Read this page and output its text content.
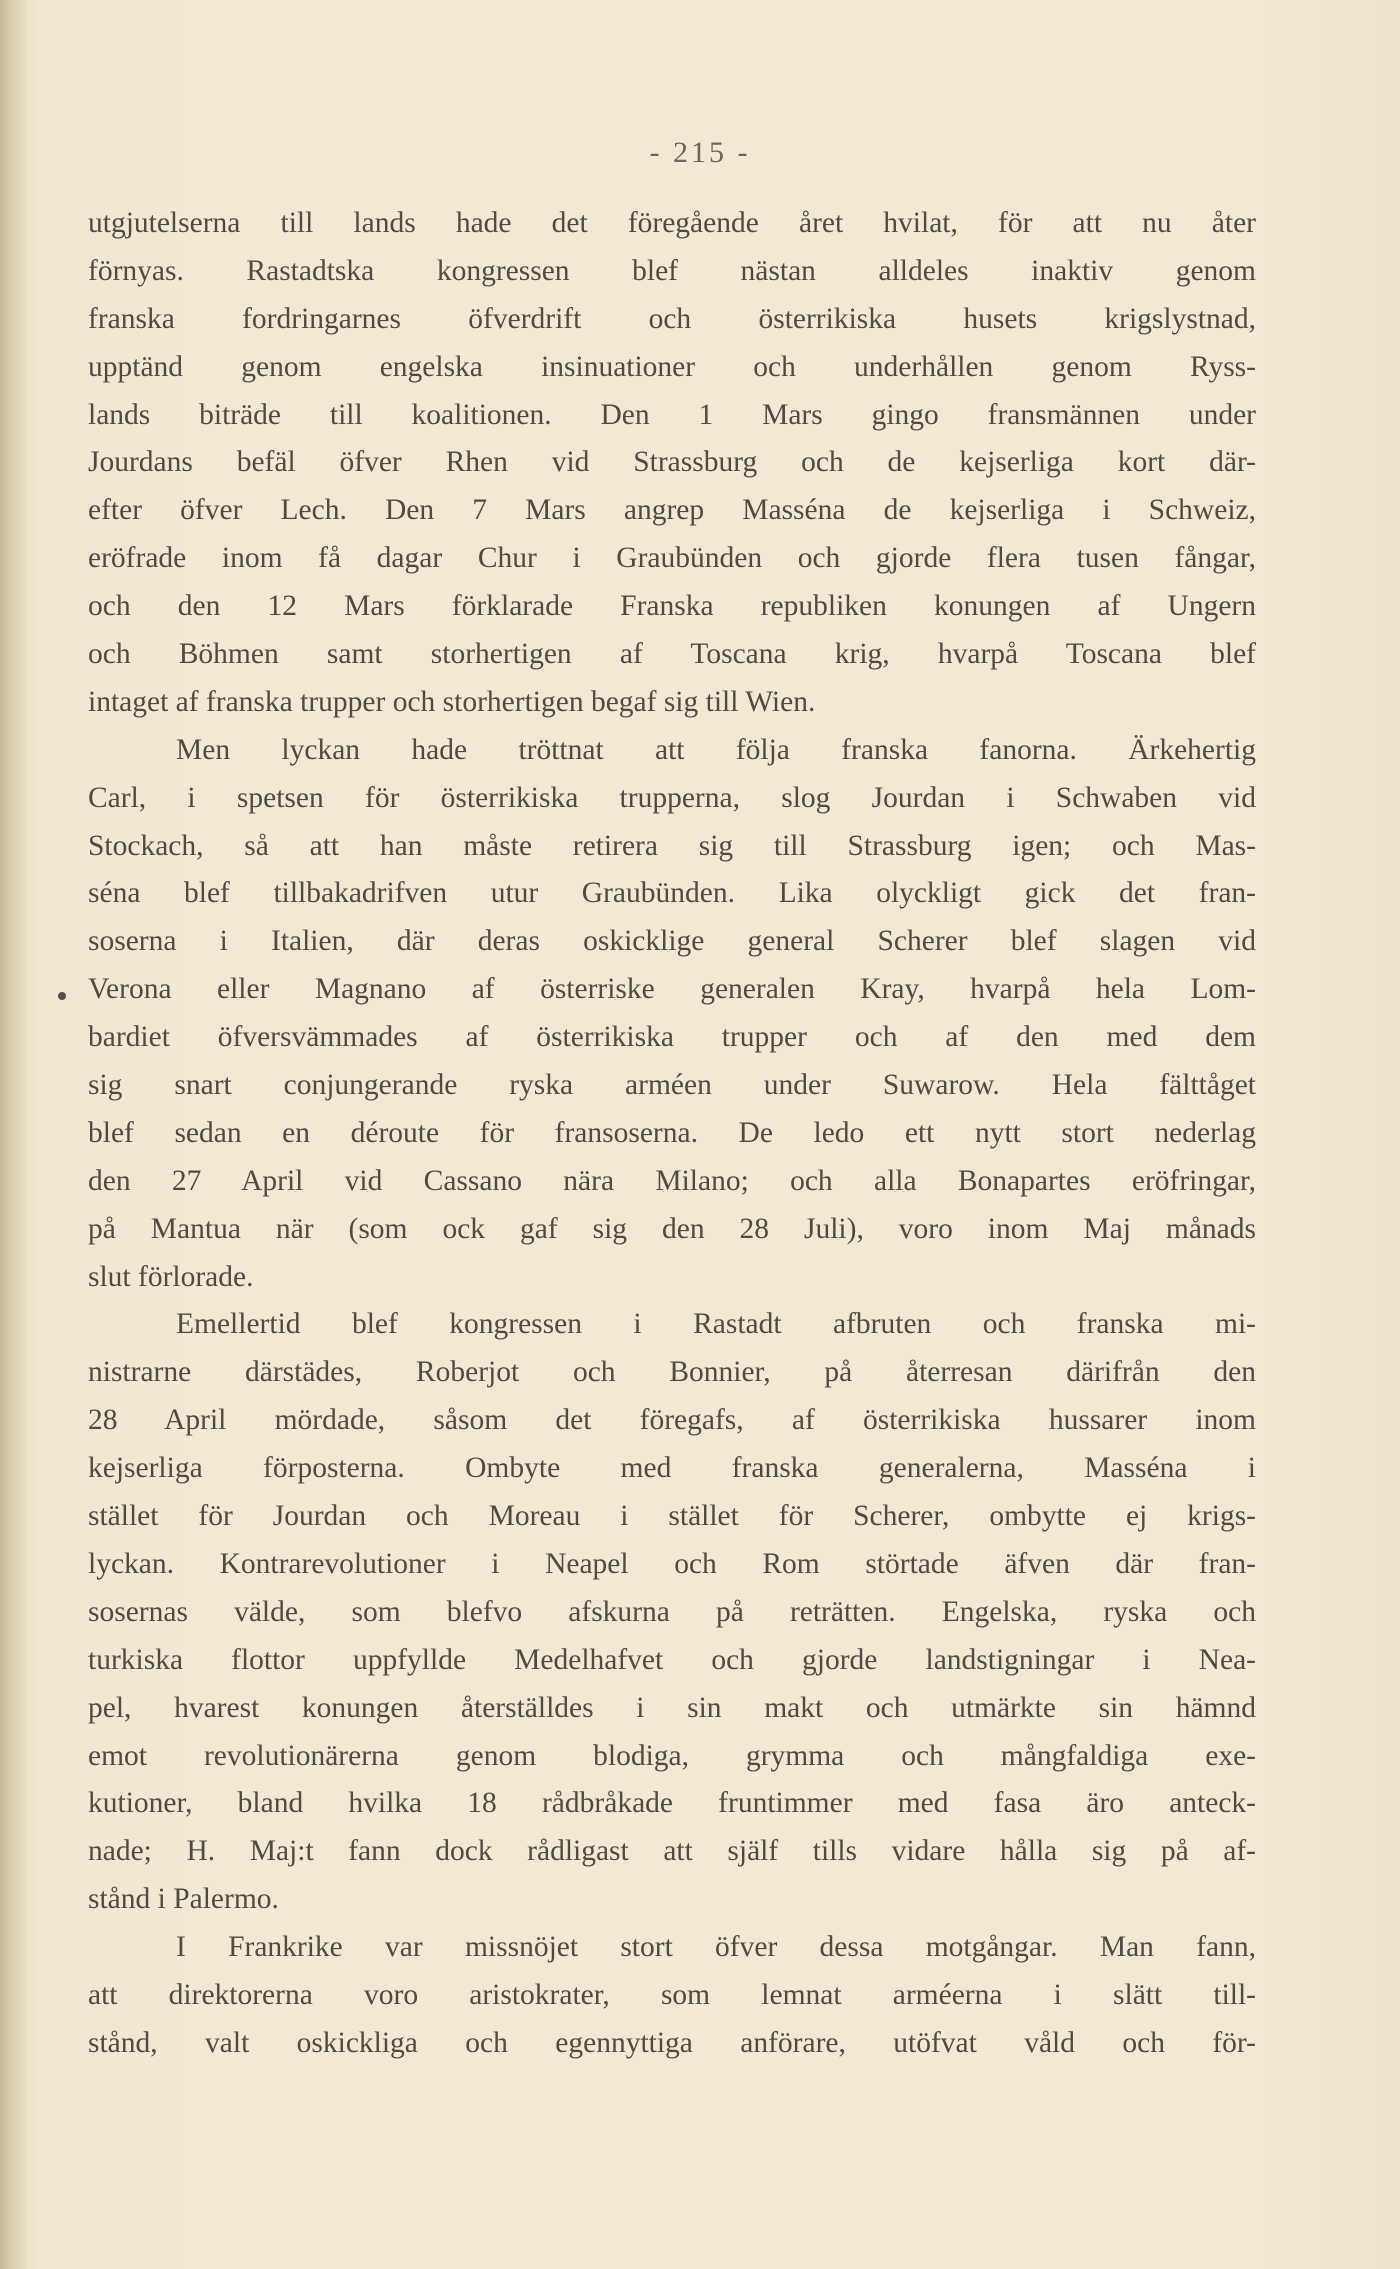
- 215 -
utgjutelserna till lands hade det föregående året hvilat, för att nu åter
förnyas. Rastadtska kongressen blef nästan alldeles inaktiv genom
franska fordringarnes öfverdrift och österrikiska husets krigslystnad,
upptänd genom engelska insinuationer och underhållen genom Ryss-
lands biträde till koalitionen. Den 1 Mars gingo fransmännen under
Jourdans befäl öfver Rhen vid Strassburg och de kejserliga kort där-
efter öfver Lech. Den 7 Mars angrep Masséna de kejserliga i Schweiz,
eröfrade inom få dagar Chur i Graubünden och gjorde flera tusen fångar,
och den 12 Mars förklarade Franska republiken konungen af Ungern
och Böhmen samt storhertigen af Toscana krig, hvarpå Toscana blef
intaget af franska trupper och storhertigen begaf sig till Wien.
Men lyckan hade tröttnat att följa franska fanorna. Ärkehertig
Carl, i spetsen för österrikiska trupperna, slog Jourdan i Schwaben vid
Stockach, så att han måste retirera sig till Strassburg igen; och Mas-
séna blef tillbakadrifven utur Graubünden. Lika olyckligt gick det fran-
soserna i Italien, där deras oskicklige general Scherer blef slagen vid
Verona eller Magnano af österriske generalen Kray, hvarpå hela Lom-
bardiet öfversvämmades af österrikiska trupper och af den med dem
sig snart conjungerande ryska arméen under Suwarow. Hela fälttåget
blef sedan en déroute för fransoserna. De ledo ett nytt stort nederlag
den 27 April vid Cassano nära Milano; och alla Bonapartes eröfringar,
på Mantua när (som ock gaf sig den 28 Juli), voro inom Maj månads
slut förlorade.
Emellertid blef kongressen i Rastadt afbruten och franska mi-
nistrarne därstädes, Roberjot och Bonnier, på återresan därifrån den
28 April mördade, såsom det föregafs, af österrikiska hussarer inom
kejserliga förposterna. Ombyte med franska generalerna, Masséna i
stället för Jourdan och Moreau i stället för Scherer, ombytte ej krigs-
lyckan. Kontrarevolutioner i Neapel och Rom störtade äfven där fran-
sosernas välde, som blefvo afskurna på reträtten. Engelska, ryska och
turkiska flottor uppfyllde Medelhafvet och gjorde landstigningar i Nea-
pel, hvarest konungen återställdes i sin makt och utmärkte sin hämnd
emot revolutionärerna genom blodiga, grymma och mångfaldiga exe-
kutioner, bland hvilka 18 rådbråkade fruntimmer med fasa äro anteck-
nade; H. Maj:t fann dock rådligast att själf tills vidare hålla sig på af-
stånd i Palermo.
I Frankrike var missnöjet stort öfver dessa motgångar. Man fann,
att direktorerna voro aristokrater, som lemnat arméerna i slätt till-
stånd, valt oskickliga och egennyttiga anförare, utöfvat våld och för-
